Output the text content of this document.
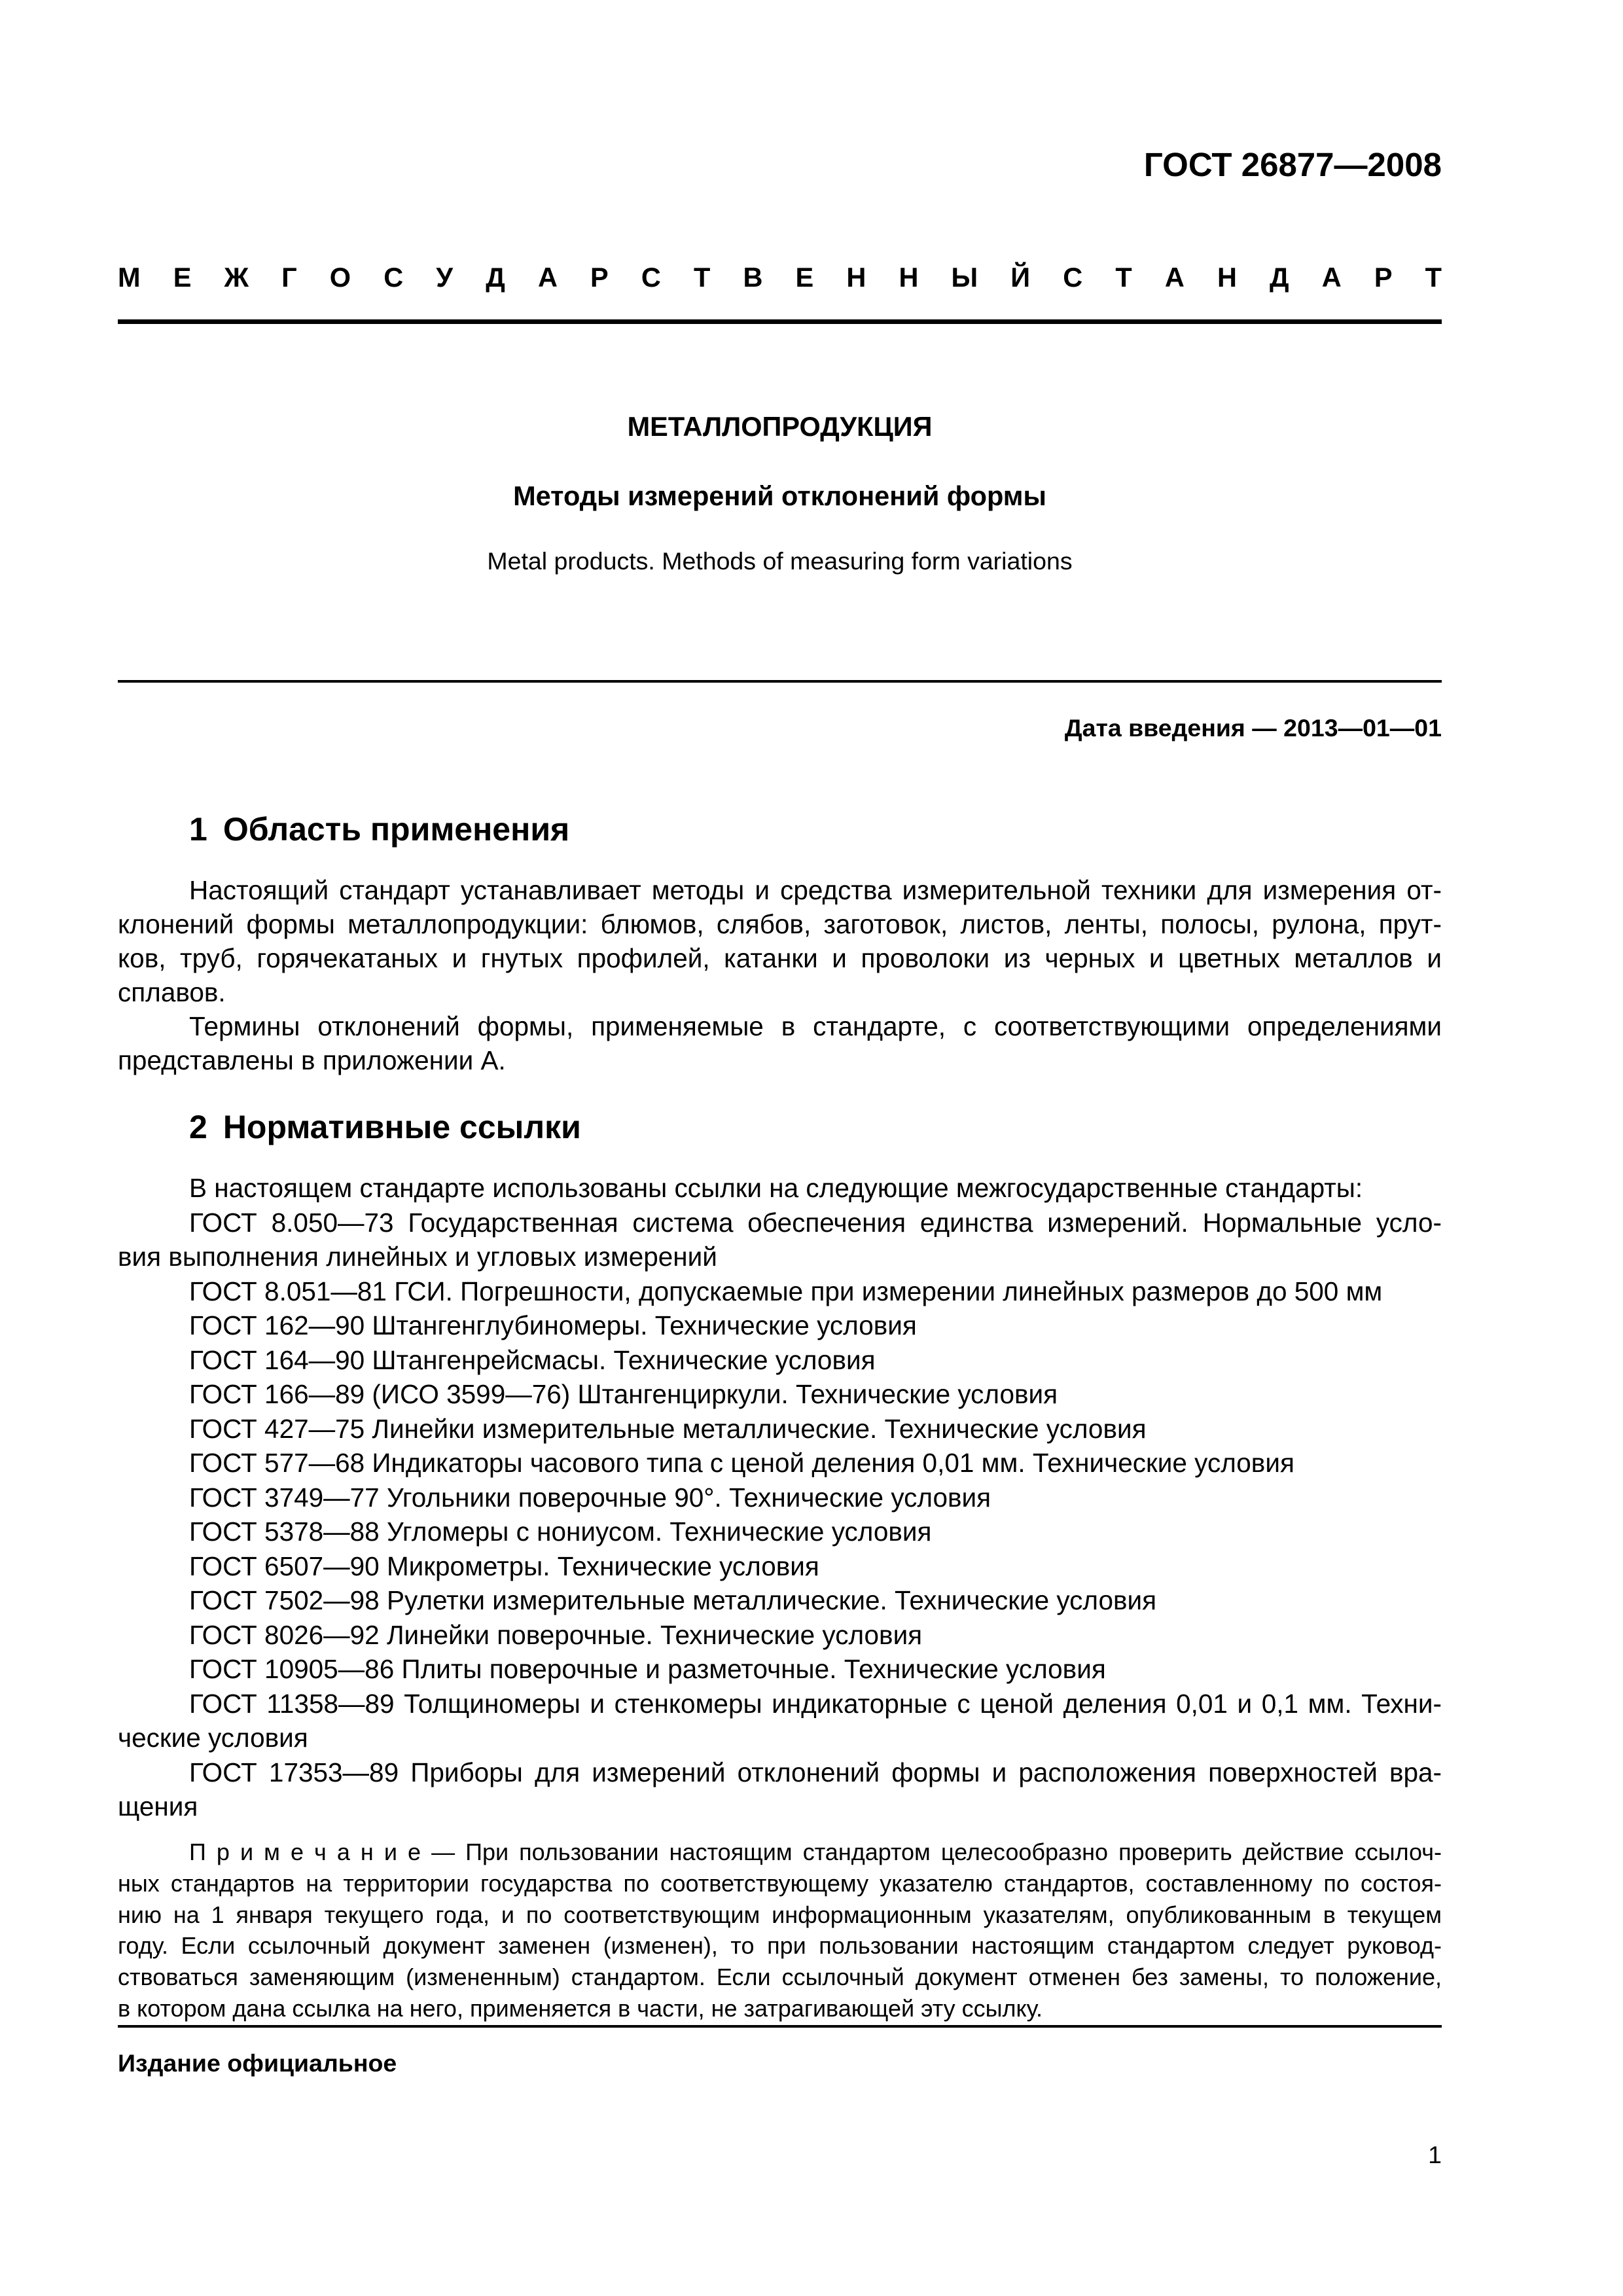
ГОСТ 26877—2008
М Е Ж Г О С У Д А Р С Т В Е Н Н Ы Й С Т А Н Д А Р Т
МЕТАЛЛОПРОДУКЦИЯ
Методы измерений отклонений формы
Metal products. Methods of measuring form variations
Дата введения — 2013—01—01
1 Область применения
Настоящий стандарт устанавливает методы и средства измерительной техники для измерения от-
клонений формы металлопродукции: блюмов, слябов, заготовок, листов, ленты, полосы, рулона, прут-
ков, труб, горячекатаных и гнутых профилей, катанки и проволоки из черных и цветных металлов и
сплавов.
Термины отклонений формы, применяемые в стандарте, с соответствующими определениями
представлены в приложении А.
2 Нормативные ссылки
В настоящем стандарте использованы ссылки на следующие межгосударственные стандарты:
ГОСТ 8.050—73 Государственная система обеспечения единства измерений. Нормальные усло-
вия выполнения линейных и угловых измерений
ГОСТ 8.051—81 ГСИ. Погрешности, допускаемые при измерении линейных размеров до 500 мм
ГОСТ 162—90 Штангенглубиномеры. Технические условия
ГОСТ 164—90 Штангенрейсмасы. Технические условия
ГОСТ 166—89 (ИСО 3599—76) Штангенциркули. Технические условия
ГОСТ 427—75 Линейки измерительные металлические. Технические условия
ГОСТ 577—68 Индикаторы часового типа с ценой деления 0,01 мм. Технические условия
ГОСТ 3749—77 Угольники поверочные 90°. Технические условия
ГОСТ 5378—88 Угломеры с нониусом. Технические условия
ГОСТ 6507—90 Микрометры. Технические условия
ГОСТ 7502—98 Рулетки измерительные металлические. Технические условия
ГОСТ 8026—92 Линейки поверочные. Технические условия
ГОСТ 10905—86 Плиты поверочные и разметочные. Технические условия
ГОСТ 11358—89 Толщиномеры и стенкомеры индикаторные с ценой деления 0,01 и 0,1 мм. Техни-
ческие условия
ГОСТ 17353—89 Приборы для измерений отклонений формы и расположения поверхностей вра-
щения
П р и м е ч а н и е — При пользовании настоящим стандартом целесообразно проверить действие ссылоч-
ных стандартов на территории государства по соответствующему указателю стандартов, составленному по состоя-
нию на 1 января текущего года, и по соответствующим информационным указателям, опубликованным в текущем
году. Если ссылочный документ заменен (изменен), то при пользовании настоящим стандартом следует руковод-
ствоваться заменяющим (измененным) стандартом. Если ссылочный документ отменен без замены, то положение,
в котором дана ссылка на него, применяется в части, не затрагивающей эту ссылку.
Издание официальное
1
